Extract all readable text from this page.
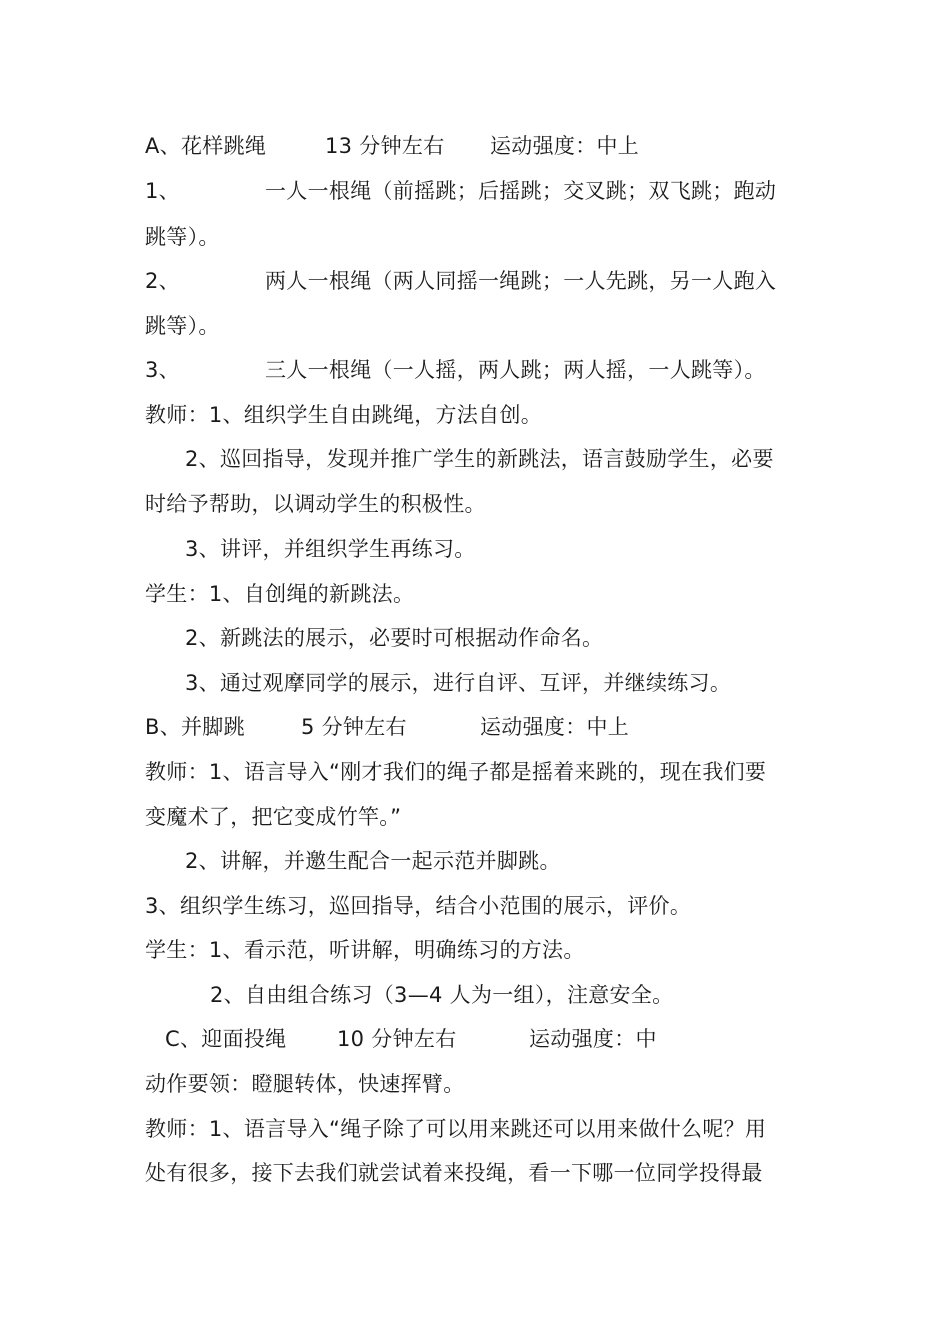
A、花样跳绳	13 分钟左右 运动强度：中上
1、	一人一根绳（前摇跳；后摇跳；交叉跳；双飞跳；跑动
跳等）。
2、	两人一根绳（两人同摇一绳跳；一人先跳，另一人跑入
跳等）。
3、	三人一根绳（一人摇，两人跳；两人摇，一人跳等）。
教师：1、组织学生自由跳绳，方法自创。
2、巡回指导，发现并推广学生的新跳法，语言鼓励学生，必要
时给予帮助，以调动学生的积极性。
3、讲评，并组织学生再练习。
学生：1、自创绳的新跳法。
2、新跳法的展示，必要时可根据动作命名。
3、通过观摩同学的展示，进行自评、互评，并继续练习。
B、并脚跳	5 分钟左右	运动强度：中上
教师：1、语言导入“刚才我们的绳子都是摇着来跳的，现在我们要
变魔术了，把它变成竹竿。”
2、讲解，并邀生配合一起示范并脚跳。
3、组织学生练习，巡回指导，结合小范围的展示，评价。
学生：1、看示范，听讲解，明确练习的方法。
2、自由组合练习（3—4 人为一组），注意安全。
C、迎面投绳 10 分钟左右	运动强度：中
动作要领：瞪腿转体，快速挥臂。
教师：1、语言导入“绳子除了可以用来跳还可以用来做什么呢？用
处有很多，接下去我们就尝试着来投绳，看一下哪一位同学投得最
